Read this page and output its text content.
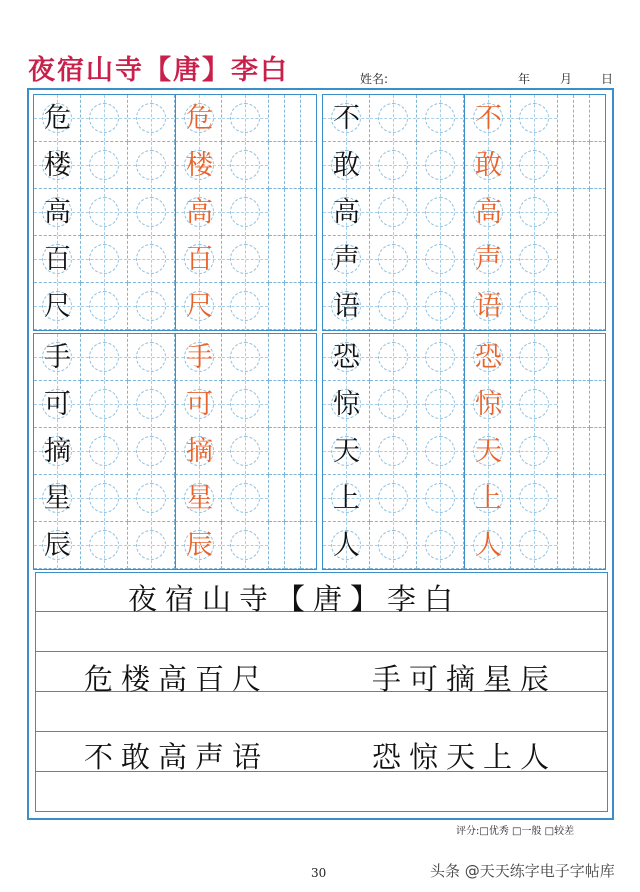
夜宿山寺【唐】李白	姓名:	年 月 日
危	危
楼	楼
高	高
百	百
尺	尺
不	不
敢	敢
高	高
声	声
语	语
手	手
可	可
摘	摘
星	星
辰	辰
恐	恐
惊	惊
天	天
上	上
人	人
夜宿山寺【唐】李白
危楼高百尺	手可摘星辰
不敢高声语	恐惊天上人
评分:□优秀 □一般 □较差
30	头条 @天天练字电子字帖库
